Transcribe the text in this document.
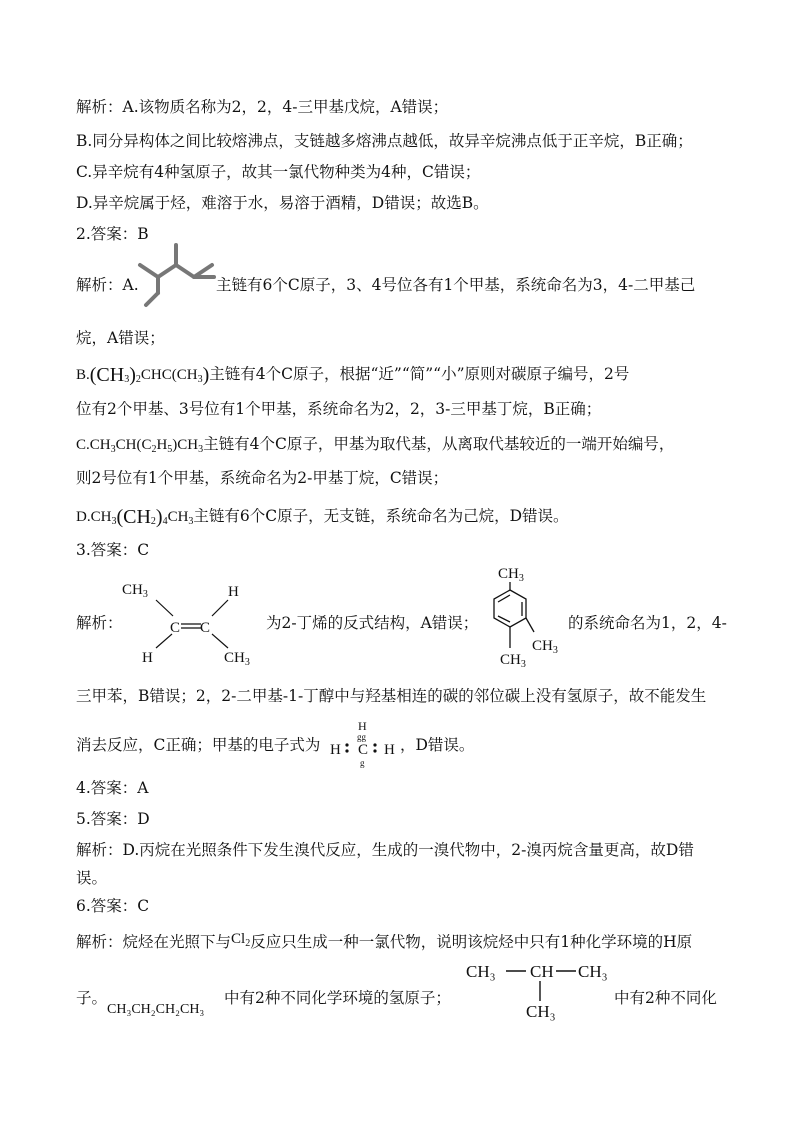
解析：A.该物质名称为2，2，4-三甲基戊烷，A错误；
B.同分异构体之间比较熔沸点，支链越多熔沸点越低，故异辛烷沸点低于正辛烷，B正确；
C.异辛烷有4种氢原子，故其一氯代物种类为4种，C错误；
D.异辛烷属于烃，难溶于水，易溶于酒精，D错误；故选B。
2.答案：B
解析：A.	主链有6个C原子，3、4号位各有1个甲基，系统命名为3，4-二甲基己
烷，A错误；
$B.(CH_3)_2CHC(CH_3)$主链有4个C原子，根据“近”“简”“小”原则对碳原子编号，2号
位有2个甲基、3号位有1个甲基，系统命名为2，2，3-三甲基丁烷，B正确；
$C.CH_3CH(C_2H_5)CH_3$主链有4个C原子，甲基为取代基，从离取代基较近的一端开始编号，
则2号位有1个甲基，系统命名为2-甲基丁烷，C错误；
$D.CH_3(CH_2)_4CH_3$主链有6个C原子，无支链，系统命名为己烷，D错误。
3.答案：C
解析：
$CH_3$	H
C C
H	$CH_3$
为2-丁烯的反式结构，A错误；
$CH_3$
$CH_3$
$CH_3$
的系统命名为1，2，4-
三甲苯，B错误；2，2-二甲基-1-丁醇中与羟基相连的碳的邻位碳上没有氢原子，故不能发生
消去反应，C正确；甲基的电子式为
H
gg
H C H
g
，D错误。
4.答案：A
5.答案：D
解析：D.丙烷在光照条件下发生溴代反应，生成的一溴代物中，2-溴丙烷含量更高，故D错
误。
6.答案：C
解析：烷烃在光照下与$Cl_2$反应只生成一种一氯代物，说明该烷烃中只有1种化学环境的H原
子。
CH₃CH₂CH₂CH₃
中有2种不同化学环境的氢原子；
CH₃ CH CH₃
CH₃
中有2种不同化
